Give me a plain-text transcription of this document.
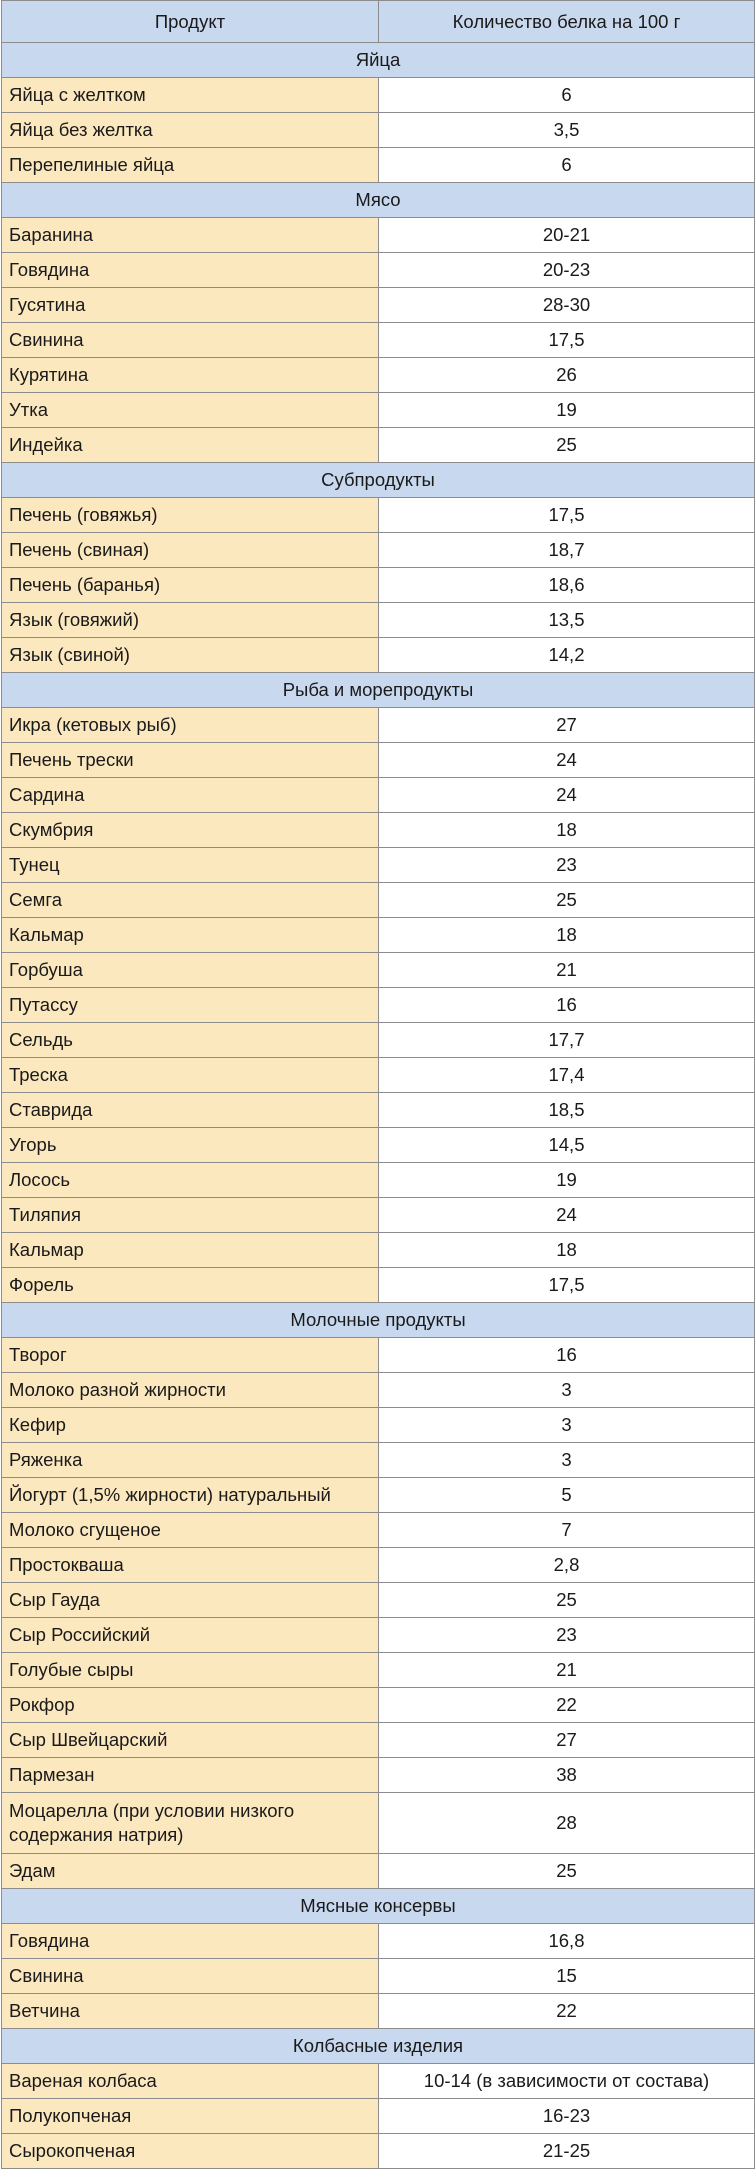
Продукт	Количество белка на 100 г
Яйца	
Яйца с желтком	6
Яйца без желтка	3,5
Перепелиные яйца	6
Мясо	
Баранина	20-21
Говядина	20-23
Гусятина	28-30
Свинина	17,5
Курятина	26
Утка	19
Индейка	25
Субпродукты	
Печень (говяжья)	17,5
Печень (свиная)	18,7
Печень (баранья)	18,6
Язык (говяжий)	13,5
Язык (свиной)	14,2
Рыба и морепродукты	
Икра (кетовых рыб)	27
Печень трески	24
Сардина	24
Скумбрия	18
Тунец	23
Семга	25
Кальмар	18
Горбуша	21
Путассу	16
Сельдь	17,7
Треска	17,4
Ставрида	18,5
Угорь	14,5
Лосось	19
Тиляпия	24
Кальмар	18
Форель	17,5
Молочные продукты	
Творог	16
Молоко разной жирности	3
Кефир	3
Ряженка	3
Йогурт (1,5% жирности) натуральный	5
Молоко сгущеное	7
Простокваша	2,8
Сыр Гауда	25
Сыр Российский	23
Голубые сыры	21
Рокфор	22
Сыр Швейцарский	27
Пармезан	38
Моцарелла (при условии низкого содержания натрия)	28
Эдам	25
Мясные консервы	
Говядина	16,8
Свинина	15
Ветчина	22
Колбасные изделия	
Вареная колбаса	10-14 (в зависимости от состава)
Полукопченая	16-23
Сырокопченая	21-25
